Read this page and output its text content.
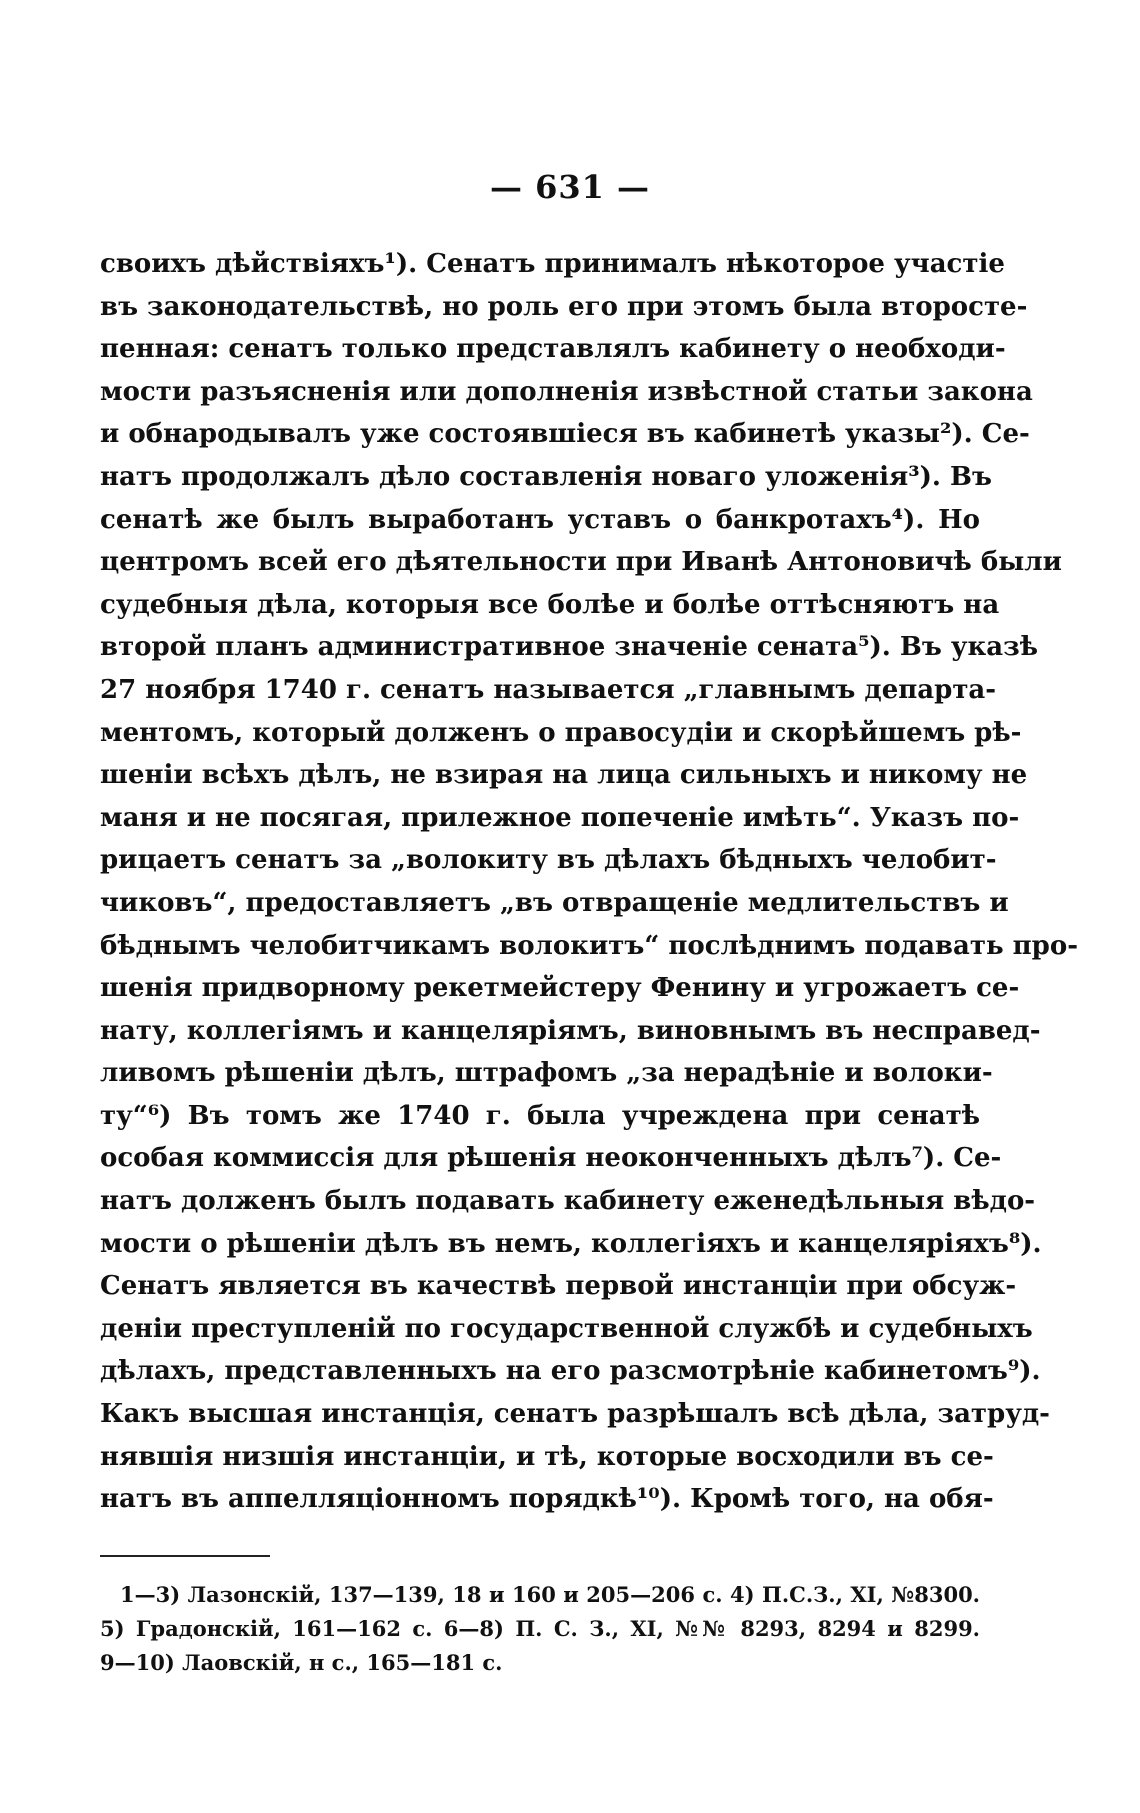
— 631 —
своихъ дѣйствіяхъ¹). Сенатъ принималъ нѣкоторое участіе
въ законодательствѣ, но роль его при этомъ была второсте-
пенная: сенатъ только представлялъ кабинету о необходи-
мости разъясненія или дополненія извѣстной статьи закона
и обнародывалъ уже состоявшіеся въ кабинетѣ указы²). Се-
натъ продолжалъ дѣло составленія новаго уложенія³). Въ
сенатѣ же былъ выработанъ уставъ о банкротахъ⁴). Но
центромъ всей его дѣятельности при Иванѣ Антоновичѣ были
судебныя дѣла, которыя все болѣе и болѣе оттѣсняютъ на
второй планъ административное значеніе сената⁵). Въ указѣ
27 ноября 1740 г. сенатъ называется „главнымъ департа-
ментомъ, который долженъ о правосудіи и скорѣйшемъ рѣ-
шеніи всѣхъ дѣлъ, не взирая на лица сильныхъ и никому не
маня и не посягая, прилежное попеченіе имѣть“. Указъ по-
рицаетъ сенатъ за „волокиту въ дѣлахъ бѣдныхъ челобит-
чиковъ“, предоставляетъ „въ отвращеніе медлительствъ и
бѣднымъ челобитчикамъ волокитъ“ послѣднимъ подавать про-
шенія придворному рекетмейстеру Фенину и угрожаетъ се-
нату, коллегіямъ и канцеляріямъ, виновнымъ въ несправед-
ливомъ рѣшеніи дѣлъ, штрафомъ „за нерадѣніе и волоки-
ту“⁶) Въ томъ же 1740 г. была учреждена при сенатѣ
особая коммиссія для рѣшенія неоконченныхъ дѣлъ⁷). Се-
натъ долженъ былъ подавать кабинету еженедѣльныя вѣдо-
мости о рѣшеніи дѣлъ въ немъ, коллегіяхъ и канцеляріяхъ⁸).
Сенатъ является въ качествѣ первой инстанціи при обсуж-
деніи преступленій по государственной службѣ и судебныхъ
дѣлахъ, представленныхъ на его разсмотрѣніе кабинетомъ⁹).
Какъ высшая инстанція, сенатъ разрѣшалъ всѣ дѣла, затруд-
нявшія низшія инстанціи, и тѣ, которые восходили въ се-
натъ въ аппелляціонномъ порядкѣ¹⁰). Кромѣ того, на обя-
1—3) Лазонскій, 137—139, 18 и 160 и 205—206 с. 4) П.С.З., XI, №8300.
5) Градонскій, 161—162 с. 6—8) П. С. З., XI, №№ 8293, 8294 и 8299.
9—10) Лаовскій, н с., 165—181 с.
